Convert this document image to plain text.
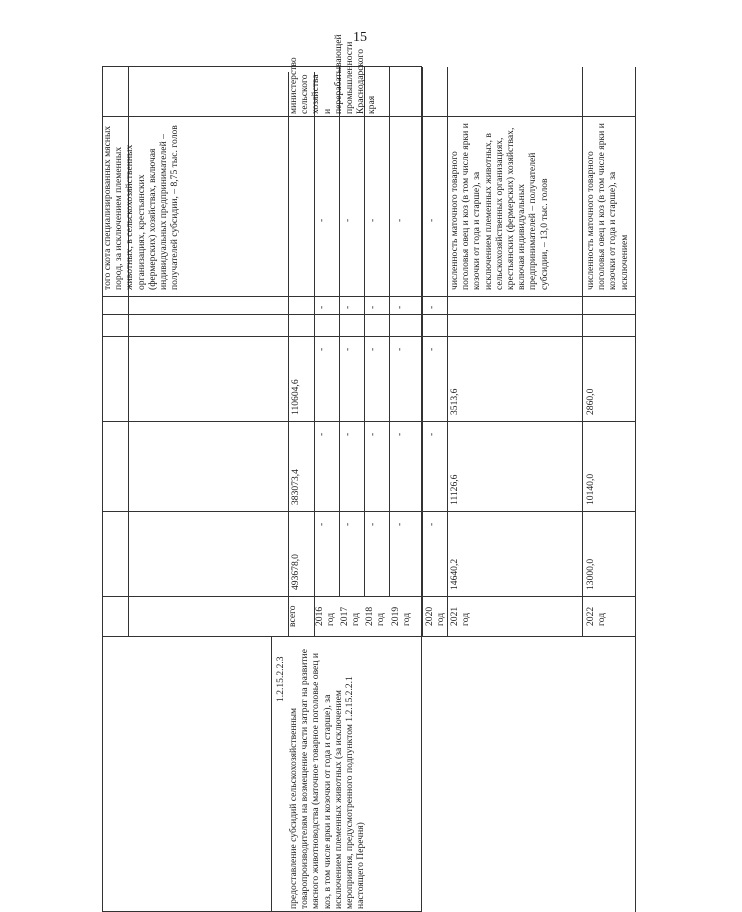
15
всего
493678,0
383073,4
110604,6
того скота специализированных мясных пород, за исключением племенных животных, в сельскохозяйственных организациях, крестьянских (фермерских) хозяйствах, включая индивидуальных предпринимателей – получателей субсидии, – 8,75 тыс. голов
министерство сельского хозяйства и перерабатывающей промышленности Краснодарского края
1.2.15.2.2.3
предоставление субсидий сельскохозяйственным товаропроизводителям на возмещение части затрат на развитие мясного животноводства (маточное товарное поголовье овец и коз, в том числе ярки и козочки от года и старше), за исключением племенных животных (за исключением мероприятия, предусмотренного подпунктом 1.2.15.2.2.1 настоящего Перечня)
2016 год
-
-
-
-
-
2017 год
-
-
-
-
-
2018 год
-
-
-
-
-
2019 год
-
-
-
-
-
2020 год
-
-
-
-
-
2021 год
14640,2
11126,6
3513,6
численность маточного товарного поголовья овец и коз (в том числе ярки и козочки от года и старше), за исключением племенных животных, в сельскохозяйственных организациях, крестьянских (фермерских) хозяйствах, включая индивидуальных предпринимателей – получателей субсидии, – 13,0 тыс. голов
2022 год
13000,0
10140,0
2860,0
численность маточного товарного поголовья овец и коз (в том числе ярки и козочки от года и старше), за исключением
